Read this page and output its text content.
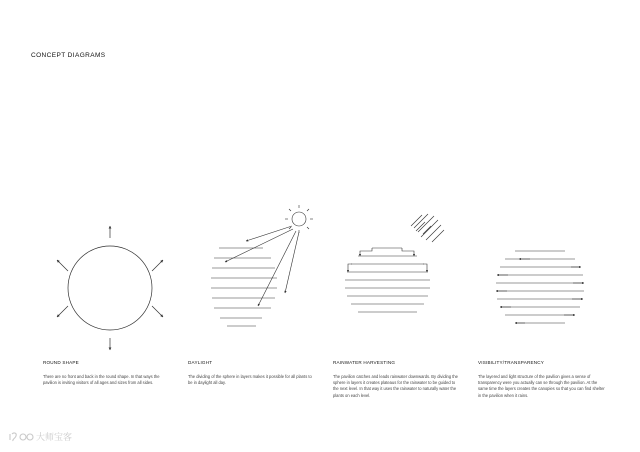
CONCEPT DIAGRAMS

ROUND SHAPE

There are no front and back in the round shape. In that ways the pavilion is inviting visitors of all ages and sizes from all sides.

DAYLIGHT

The dividing of the sphere in layers makes it possible for all plants to be in daylight all day.

RAINWATER HARVESTING

The pavilion catches and leads rainwater downwards. By dividing the sphere in layers it creates plateaus for the rainwater to be guided to the next level. In that way it uses the rainwater to naturally water the plants on each level.

VISIBILITY/TRANSPARENCY

The layered and light structure of the pavilion gives a sense of transparency were you actually can se through the pavilion. At the same time the layers creates the canopies so that you can find shelter in the pavilion when it rains.

大师宝客
